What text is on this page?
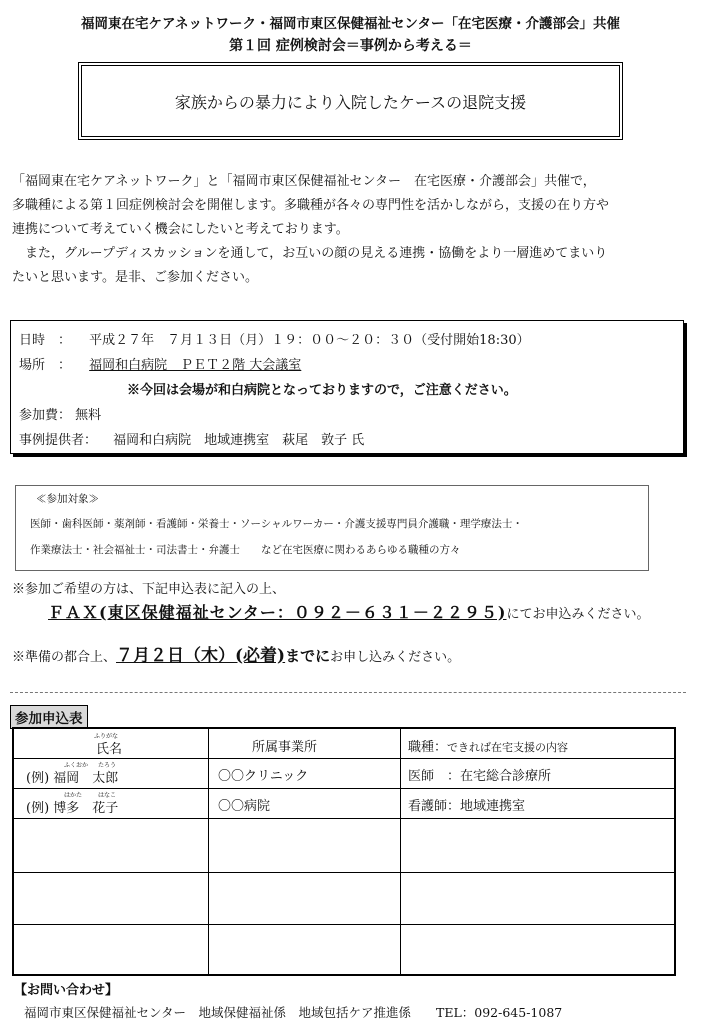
福岡東在宅ケアネットワーク・福岡市東区保健福祉センター「在宅医療・介護部会」共催
第１回 症例検討会＝事例から考える＝
家族からの暴力により入院したケースの退院支援

「福岡東在宅ケアネットワーク」と「福岡市東区保健福祉センター　在宅医療・介護部会」共催で，

多職種による第１回症例検討会を開催します。多職種が各々の専門性を活かしながら，支援の在り方や

連携について考えていく機会にしたいと考えております。

　また，グループディスカッションを通して，お互いの顔の見える連携・協働をより一層進めてまいり

たいと思います。是非、ご参加ください。

日時　： 平成２７年　７月１３日（月）１９：００～２０：３０（受付開始18:30）
場所　： 福岡和白病院　ＰＥＴ２階 大会議室
※今回は会場が和白病院となっておりますので，ご注意ください。
参加費： 無料
事例提供者： 福岡和白病院　地域連携室　萩尾　敦子 氏
≪参加対象≫
医師・歯科医師・薬剤師・看護師・栄養士・ソーシャルワーカー・介護支援専門員介護職・理学療法士・
作業療法士・社会福祉士・司法書士・弁護士　　など在宅医療に関わるあらゆる職種の方々
※参加ご希望の方は、下記申込表に記入の上、
ＦＡＸ(東区保健福祉センター：０９２－６３１－２２９５)にてお申込みください。
※準備の都合上、７月２日（木）(必着)までにお申し込みください。
参加申込表
ふりがな
氏名	所属事業所	職種：できれば在宅支援の内容
ふくおか たろう
(例) 福岡　太郎	〇〇クリニック	医師　：在宅総合診療所
はかた	はなこ
(例) 博多　花子	〇〇病院	看護師：地域連携室
【お問い合わせ】
福岡市東区保健福祉センター　地域保健福祉係　地域包括ケア推進係　　TEL：092-645-1087
